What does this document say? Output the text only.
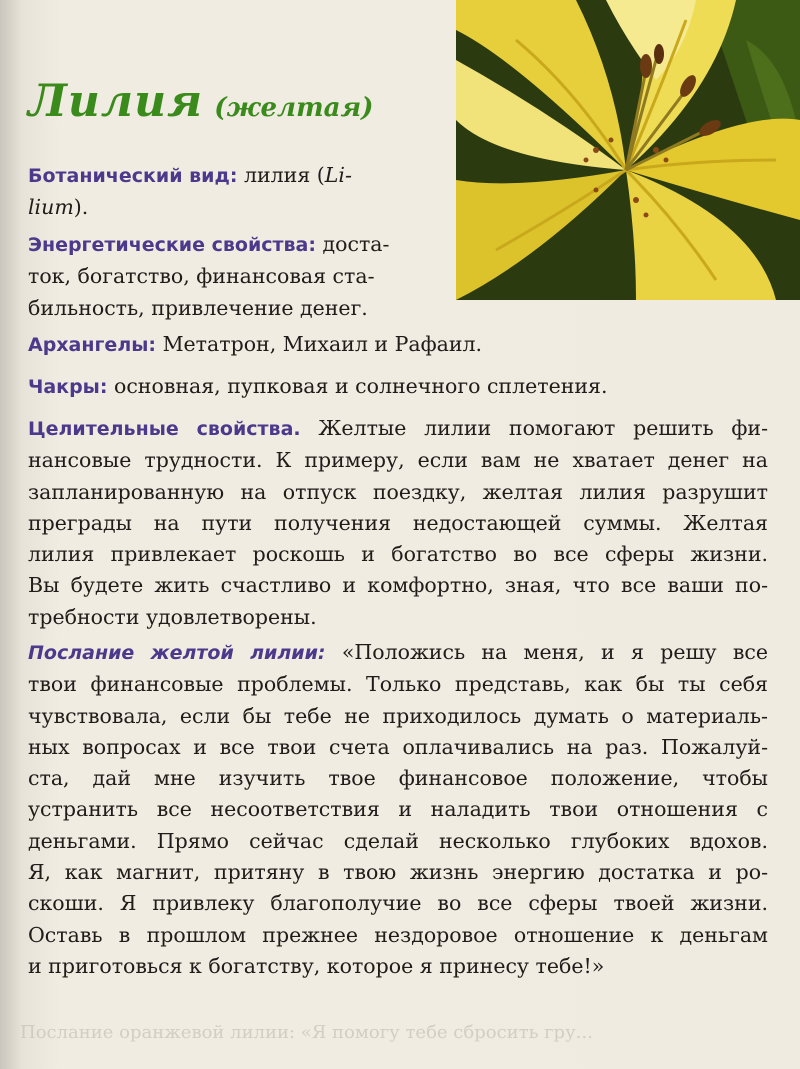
Послание оранжевой лилии: «Я помогу тебе сбросить гру...
Лилия (желтая)
Ботанический вид: лилия (Li-
lium).
Энергетические свойства: достa-
ток, богатство, финансовая ста-
бильность, привлечение денег.
Архангелы: Метатрон, Михаил и Рафаил.
Чакры: основная, пупковая и солнечного сплетения.
Целительные свойства. Желтые лилии помогают решить фи-
нансовые трудности. К примеру, если вам не хватает денег на
запланированную на отпуск поездку, желтая лилия разрушит
преграды на пути получения недостающей суммы. Желтая
лилия привлекает роскошь и богатство во все сферы жизни.
Вы будете жить счастливо и комфортно, зная, что все ваши по-
требности удовлетворены.
Послание желтой лилии: «Положись на меня, и я решу все
твои финансовые проблемы. Только представь, как бы ты себя
чувствовала, если бы тебе не приходилось думать о материаль-
ных вопросах и все твои счета оплачивались на раз. Пожалуй-
ста, дай мне изучить твое финансовое положение, чтобы
устранить все несоответствия и наладить твои отношения с
деньгами. Прямо сейчас сделай несколько глубоких вдохов.
Я, как магнит, притяну в твою жизнь энергию достатка и ро-
скоши. Я привлеку благополучие во все сферы твоей жизни.
Оставь в прошлом прежнее нездоровое отношение к деньгам
и приготовься к богатству, которое я принесу тебе!»
